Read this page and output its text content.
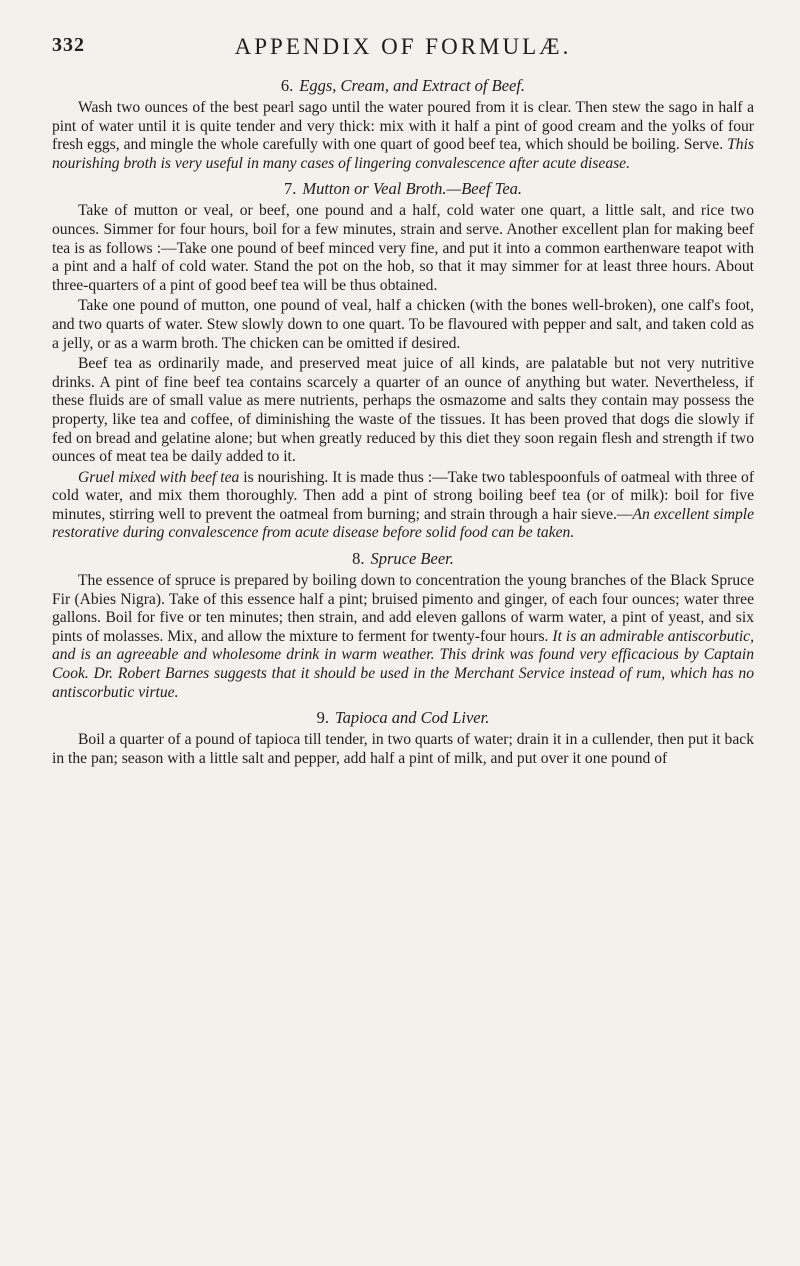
332	APPENDIX OF FORMULÆ.
6. Eggs, Cream, and Extract of Beef.

Wash two ounces of the best pearl sago until the water poured from it is clear. Then stew the sago in half a pint of water until it is quite tender and very thick: mix with it half a pint of good cream and the yolks of four fresh eggs, and mingle the whole carefully with one quart of good beef tea, which should be boiling. Serve. This nourishing broth is very useful in many cases of lingering convalescence after acute disease.

7. Mutton or Veal Broth.—Beef Tea.

Take of mutton or veal, or beef, one pound and a half, cold water one quart, a little salt, and rice two ounces. Simmer for four hours, boil for a few minutes, strain and serve. Another excellent plan for making beef tea is as follows :—Take one pound of beef minced very fine, and put it into a common earthenware teapot with a pint and a half of cold water. Stand the pot on the hob, so that it may simmer for at least three hours. About three-quarters of a pint of good beef tea will be thus obtained.

Take one pound of mutton, one pound of veal, half a chicken (with the bones well-broken), one calf's foot, and two quarts of water. Stew slowly down to one quart. To be flavoured with pepper and salt, and taken cold as a jelly, or as a warm broth. The chicken can be omitted if desired.

Beef tea as ordinarily made, and preserved meat juice of all kinds, are palatable but not very nutritive drinks. A pint of fine beef tea contains scarcely a quarter of an ounce of anything but water. Nevertheless, if these fluids are of small value as mere nutrients, perhaps the osmazome and salts they contain may possess the property, like tea and coffee, of diminishing the waste of the tissues. It has been proved that dogs die slowly if fed on bread and gelatine alone; but when greatly reduced by this diet they soon regain flesh and strength if two ounces of meat tea be daily added to it.

Gruel mixed with beef tea is nourishing. It is made thus :—Take two tablespoonfuls of oatmeal with three of cold water, and mix them thoroughly. Then add a pint of strong boiling beef tea (or of milk): boil for five minutes, stirring well to prevent the oatmeal from burning; and strain through a hair sieve.—An excellent simple restorative during convalescence from acute disease before solid food can be taken.

8. Spruce Beer.

The essence of spruce is prepared by boiling down to concentration the young branches of the Black Spruce Fir (Abies Nigra). Take of this essence half a pint; bruised pimento and ginger, of each four ounces; water three gallons. Boil for five or ten minutes; then strain, and add eleven gallons of warm water, a pint of yeast, and six pints of molasses. Mix, and allow the mixture to ferment for twenty-four hours. It is an admirable antiscorbutic, and is an agreeable and wholesome drink in warm weather. This drink was found very efficacious by Captain Cook. Dr. Robert Barnes suggests that it should be used in the Merchant Service instead of rum, which has no antiscorbutic virtue.

9. Tapioca and Cod Liver.

Boil a quarter of a pound of tapioca till tender, in two quarts of water; drain it in a cullender, then put it back in the pan; season with a little salt and pepper, add half a pint of milk, and put over it one pound of
